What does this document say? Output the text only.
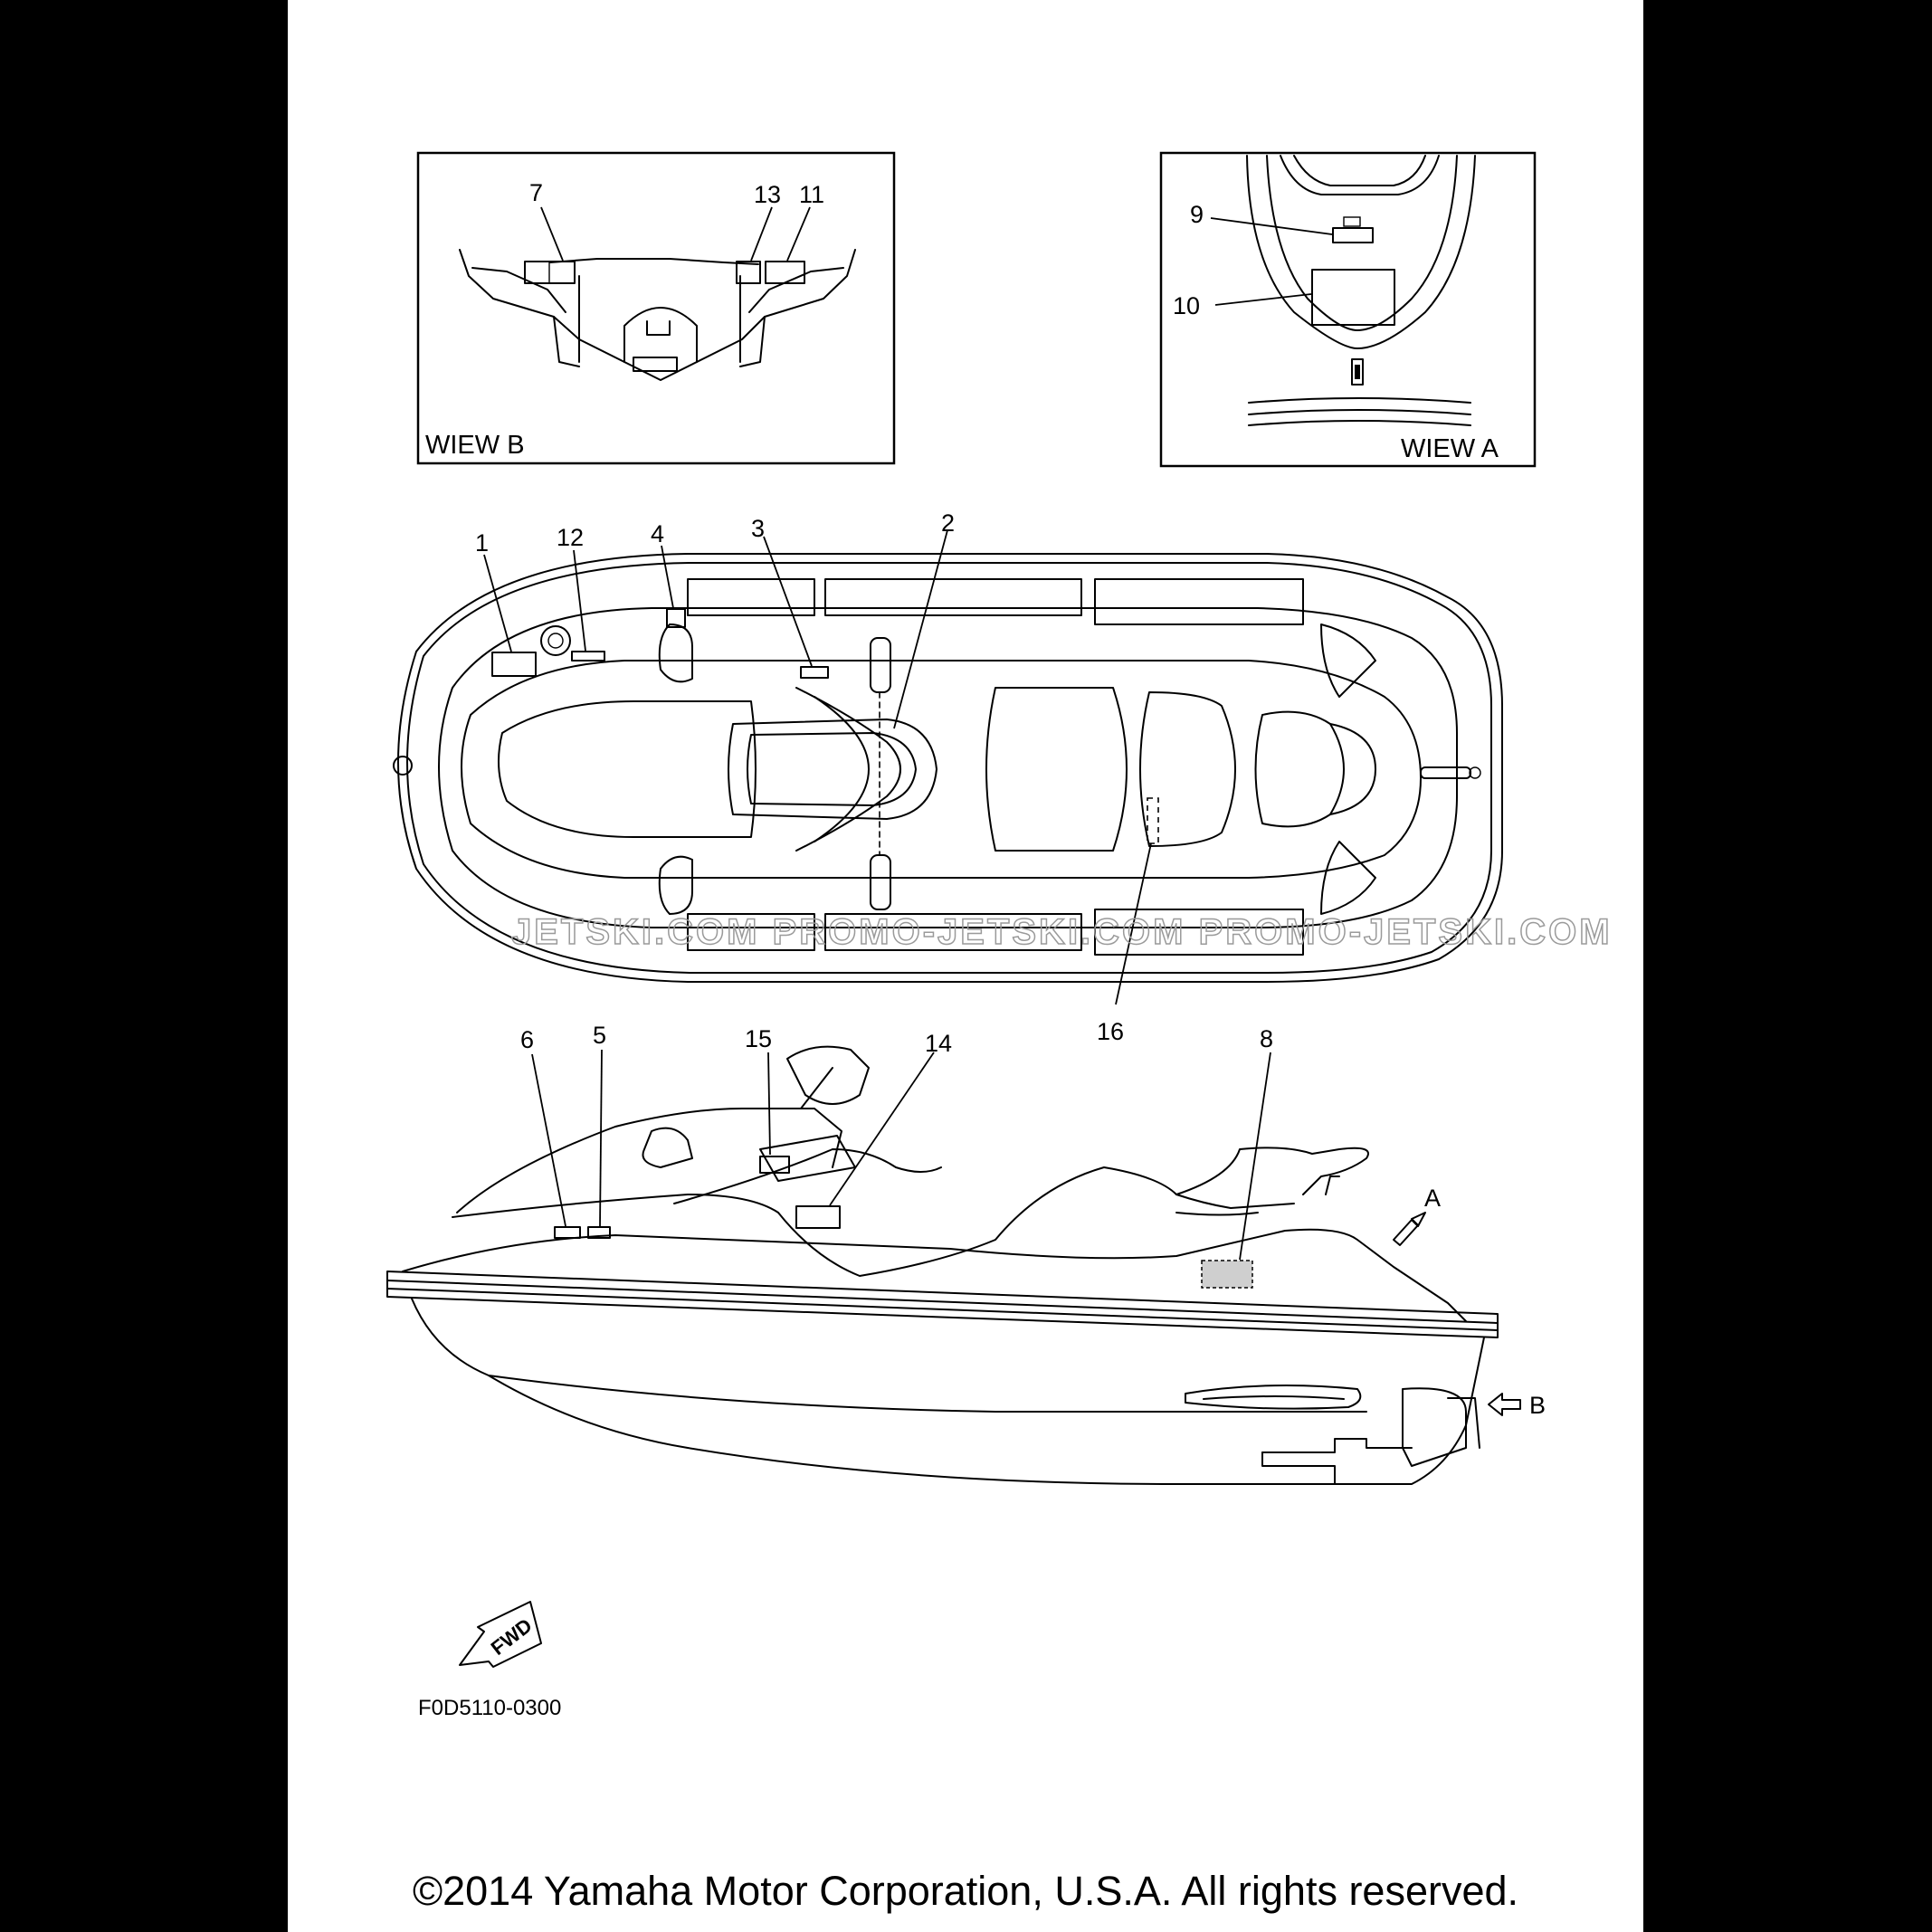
7	13 11
WIEW B
9
10
WIEW A
1	12	4	3	2
16
JETSKI.COM PROMO-JETSKI.COM PROMO-JETSKI.COM
6 5	15	14	8
A
B
FWD
F0D5110-0300
©2014 Yamaha Motor Corporation, U.S.A. All rights reserved.
